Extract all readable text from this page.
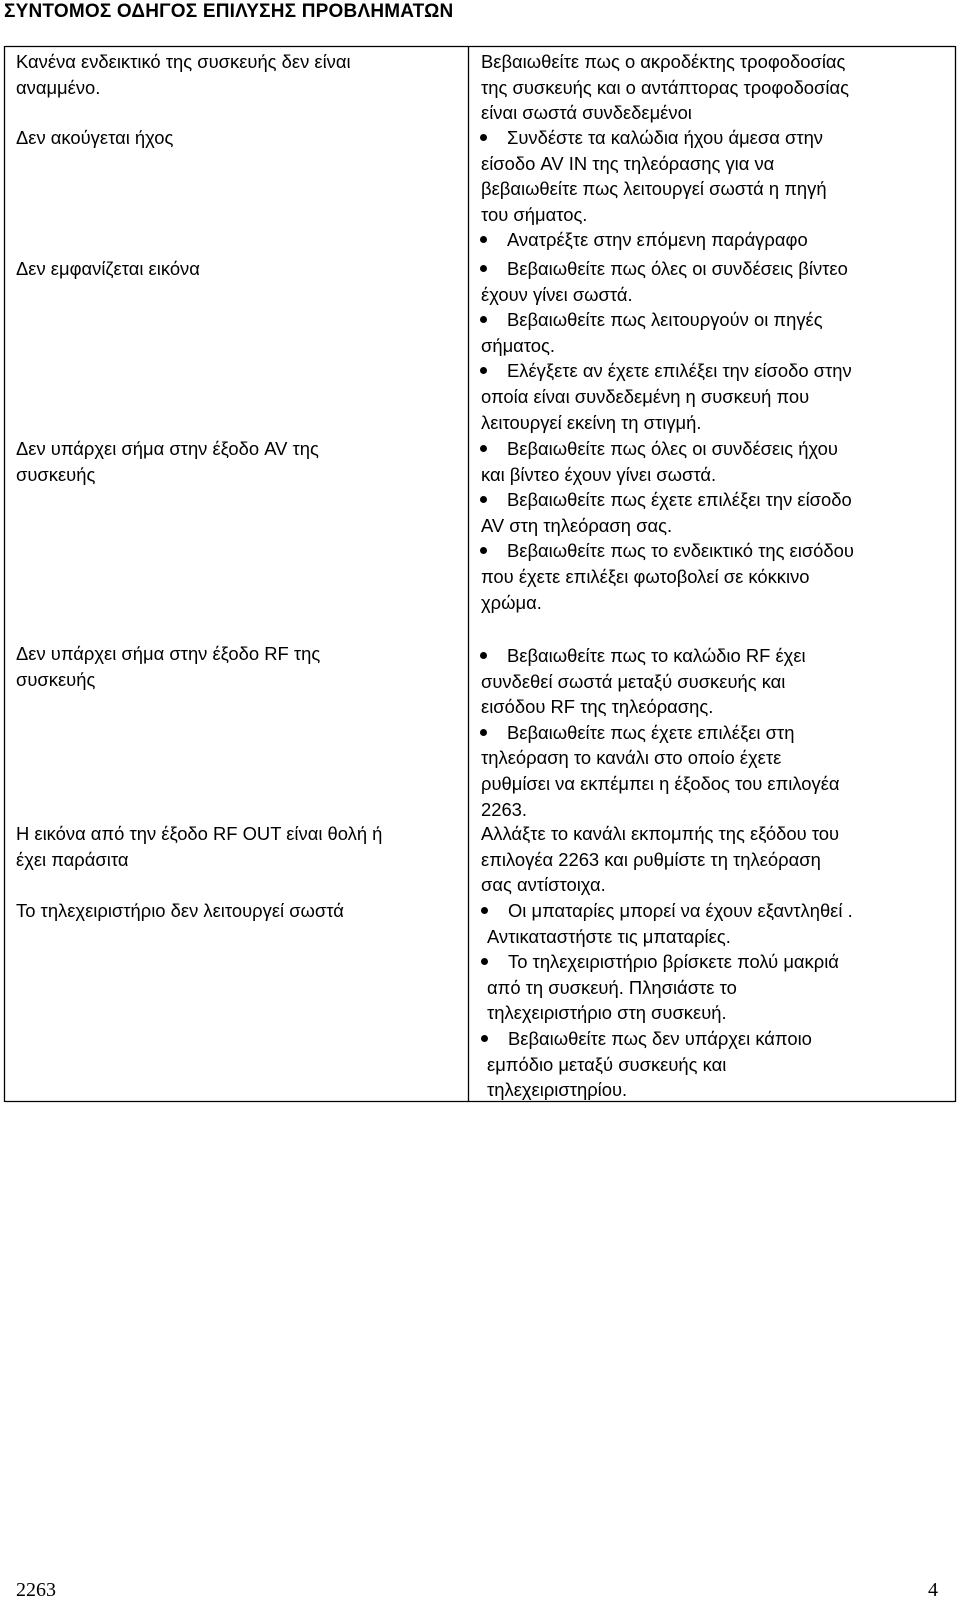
ΣΥΝΤΟΜΟΣ ΟΔΗΓΟΣ ΕΠΙΛΥΣΗΣ ΠΡΟΒΛΗΜΑΤΩΝ
Κανένα ενδεικτικό της συσκευής δεν είναι
αναμμένο.
Δεν ακούγεται ήχος
Δεν εμφανίζεται εικόνα
Δεν υπάρχει σήμα στην έξοδο AV της
συσκευής
Δεν υπάρχει σήμα στην έξοδο RF της
συσκευής
Η εικόνα από την έξοδο RF OUT είναι θολή ή
έχει παράσιτα
Το τηλεχειριστήριο δεν λειτουργεί σωστά
Βεβαιωθείτε πως ο ακροδέκτης τροφοδοσίας
της συσκευής και ο αντάπτορας τροφοδοσίας
είναι σωστά συνδεδεμένοι
Συνδέστε τα καλώδια ήχου άμεσα στην
είσοδο AV IN της τηλεόρασης για να
βεβαιωθείτε πως λειτουργεί σωστά η πηγή
του σήματος.
Ανατρέξτε στην επόμενη παράγραφο
Βεβαιωθείτε πως όλες οι συνδέσεις βίντεο
έχουν γίνει σωστά.
Βεβαιωθείτε πως λειτουργούν οι πηγές
σήματος.
Ελέγξετε αν έχετε επιλέξει την είσοδο στην
οποία είναι συνδεδεμένη η συσκευή που
λειτουργεί εκείνη τη στιγμή.
Βεβαιωθείτε πως όλες οι συνδέσεις ήχου
και βίντεο έχουν γίνει σωστά.
Βεβαιωθείτε πως έχετε επιλέξει την είσοδο
AV στη τηλεόραση σας.
Βεβαιωθείτε πως το ενδεικτικό της εισόδου
που έχετε επιλέξει φωτοβολεί σε κόκκινο
χρώμα.
Βεβαιωθείτε πως το καλώδιο RF έχει
συνδεθεί σωστά μεταξύ συσκευής και
εισόδου RF της τηλεόρασης.
Βεβαιωθείτε πως έχετε επιλέξει στη
τηλεόραση το κανάλι στο οποίο έχετε
ρυθμίσει να εκπέμπει η έξοδος του επιλογέα
2263.
Αλλάξτε το κανάλι εκπομπής της εξόδου του
επιλογέα 2263 και ρυθμίστε τη τηλεόραση
σας αντίστοιχα.
Οι μπαταρίες μπορεί να έχουν εξαντληθεί .
Αντικαταστήστε τις μπαταρίες.
Το τηλεχειριστήριο βρίσκετε πολύ μακριά
από τη συσκευή. Πλησιάστε το
τηλεχειριστήριο στη συσκευή.
Βεβαιωθείτε πως δεν υπάρχει κάποιο
εμπόδιο μεταξύ συσκευής και
τηλεχειριστηρίου.
2263	4
